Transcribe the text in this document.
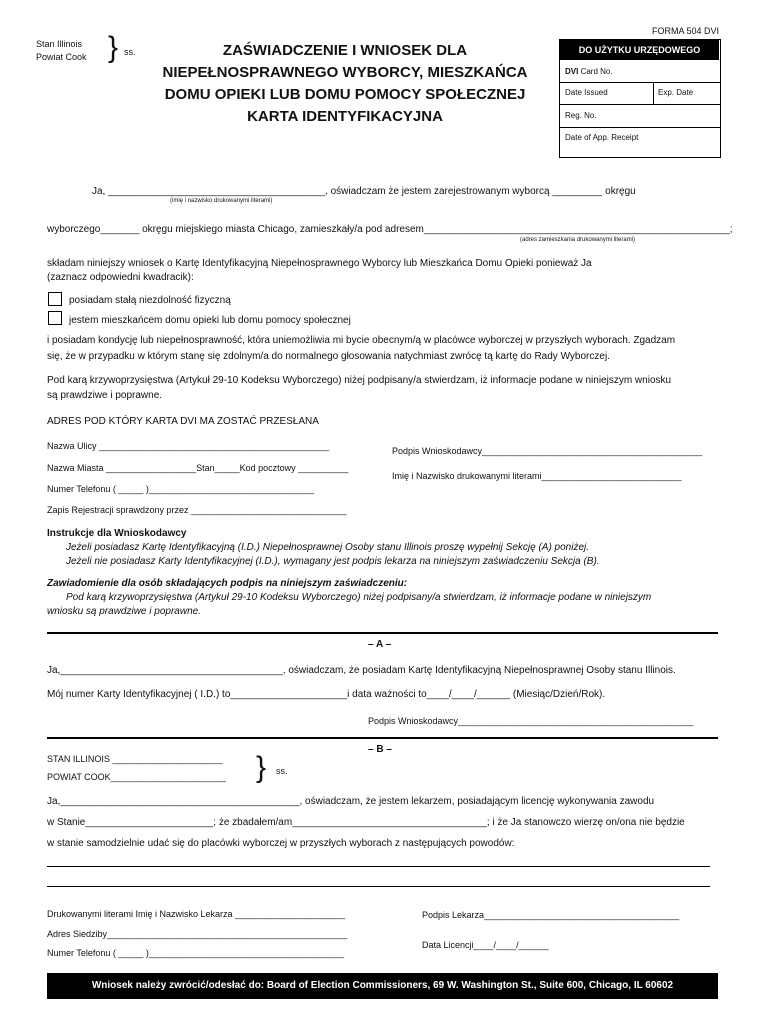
FORMA 504 DVI
Stan Illinois
Powiat Cook } ss.	ZAŚWIADCZENIE I WNIOSEK DLA
NIEPEŁNOSPRAWNEGO WYBORCY, MIESZKAŃCA
DOMU OPIEKI LUB DOMU POMOCY SPOŁECZNEJ
KARTA IDENTYFIKACYJNA
DO UŻYTKU URZĘDOWEGO
DVI Card No.
Date Issued	Exp. Date
Reg. No.
Date of App. Receipt
Ja, _______________________________________, oświadczam że jestem zarejestrowanym wyborcą _________ okręgu
(imię i nazwisko drukowanymi literami)
wyborczego_______ okręgu miejskiego miasta Chicago, zamieszkały/a pod adresem_______________________________________________________;
(adres zamieszkania drukowanymi literami)
składam niniejszy wniosek o Kartę Identyfikacyjną Niepełnosprawnego Wyborcy lub Mieszkańca Domu Opieki ponieważ Ja
(zaznacz odpowiedni kwadracik):
posiadam stałą niezdolność fizyczną
jestem mieszkańcem domu opieki lub domu pomocy społecznej
i posiadam kondycję lub niepełnosprawność, która uniemożliwia mi bycie obecnym/ą w placówce wyborczej w przyszłych wyborach. Zgadzam
się, że w przypadku w którym stanę się zdolnym/a do normalnego głosowania natychmiast zwrócę tą kartę do Rady Wyborczej.
Pod karą krzywoprzysięstwa (Artykuł 29-10 Kodeksu Wyborczego) niżej podpisany/a stwierdzam, iż informacje podane w niniejszym wniosku
są prawdziwe i poprawne.
ADRES POD KTÓRY KARTA DVI MA ZOSTAĆ PRZESŁANA
Nazwa Ulicy ______________________________________________
Nazwa Miasta __________________Stan_____Kod pocztowy __________
Numer Telefonu ( _____ )_________________________________
Zapis Rejestracji sprawdzony przez _______________________________
Podpis Wnioskodawcy____________________________________________
Imię i Nazwisko drukowanymi literami____________________________
Instrukcje dla Wnioskodawcy
Jeżeli posiadasz Kartę Identyfikacyjną (I.D.) Niepełnosprawnej Osoby stanu Illinois proszę wypełnij Sekcję (A) poniżej.
Jeżeli nie posiadasz Karty Identyfikacyjnej (I.D.), wymagany jest podpis lekarza na niniejszym zaświadczeniu Sekcja (B).
Zawiadomienie dla osób składających podpis na niniejszym zaświadczeniu:
Pod karą krzywoprzysięstwa (Artykuł 29-10 Kodeksu Wyborczego) niżej podpisany/a stwierdzam, iż informacje podane w niniejszym
wniosku są prawdziwe i poprawne.
– A –
Ja,________________________________________, oświadczam, że posiadam Kartę Identyfikacyjną Niepełnosprawnej Osoby stanu Illinois.
Mój numer Karty Identyfikacyjnej ( I.D.) to_____________________i data ważności to____/____/______ (Miesiąc/Dzień/Rok).
Podpis Wnioskodawcy_______________________________________________
– B –
STAN ILLINOIS ______________________
POWIAT COOK_______________________ } ss.
Ja,___________________________________________, oświadczam, że jestem lekarzem, posiadającym licencję wykonywania zawodu
w Stanie_______________________; że zbadałem/am___________________________________; i że Ja stanowczo wierzę on/ona nie będzie
w stanie samodzielnie udać się do placówki wyborczej w przyszłych wyborach z następujących powodów:
Drukowanymi literami Imię i Nazwisko Lekarza ______________________
Adres Siedziby________________________________________________
Numer Telefonu ( _____ )_______________________________________
Podpis Lekarza_______________________________________
Data Licencji____/____/______
Wniosek należy zwrócić/odesłać do: Board of Election Commissioners, 69 W. Washington St., Suite 600, Chicago, IL 60602
